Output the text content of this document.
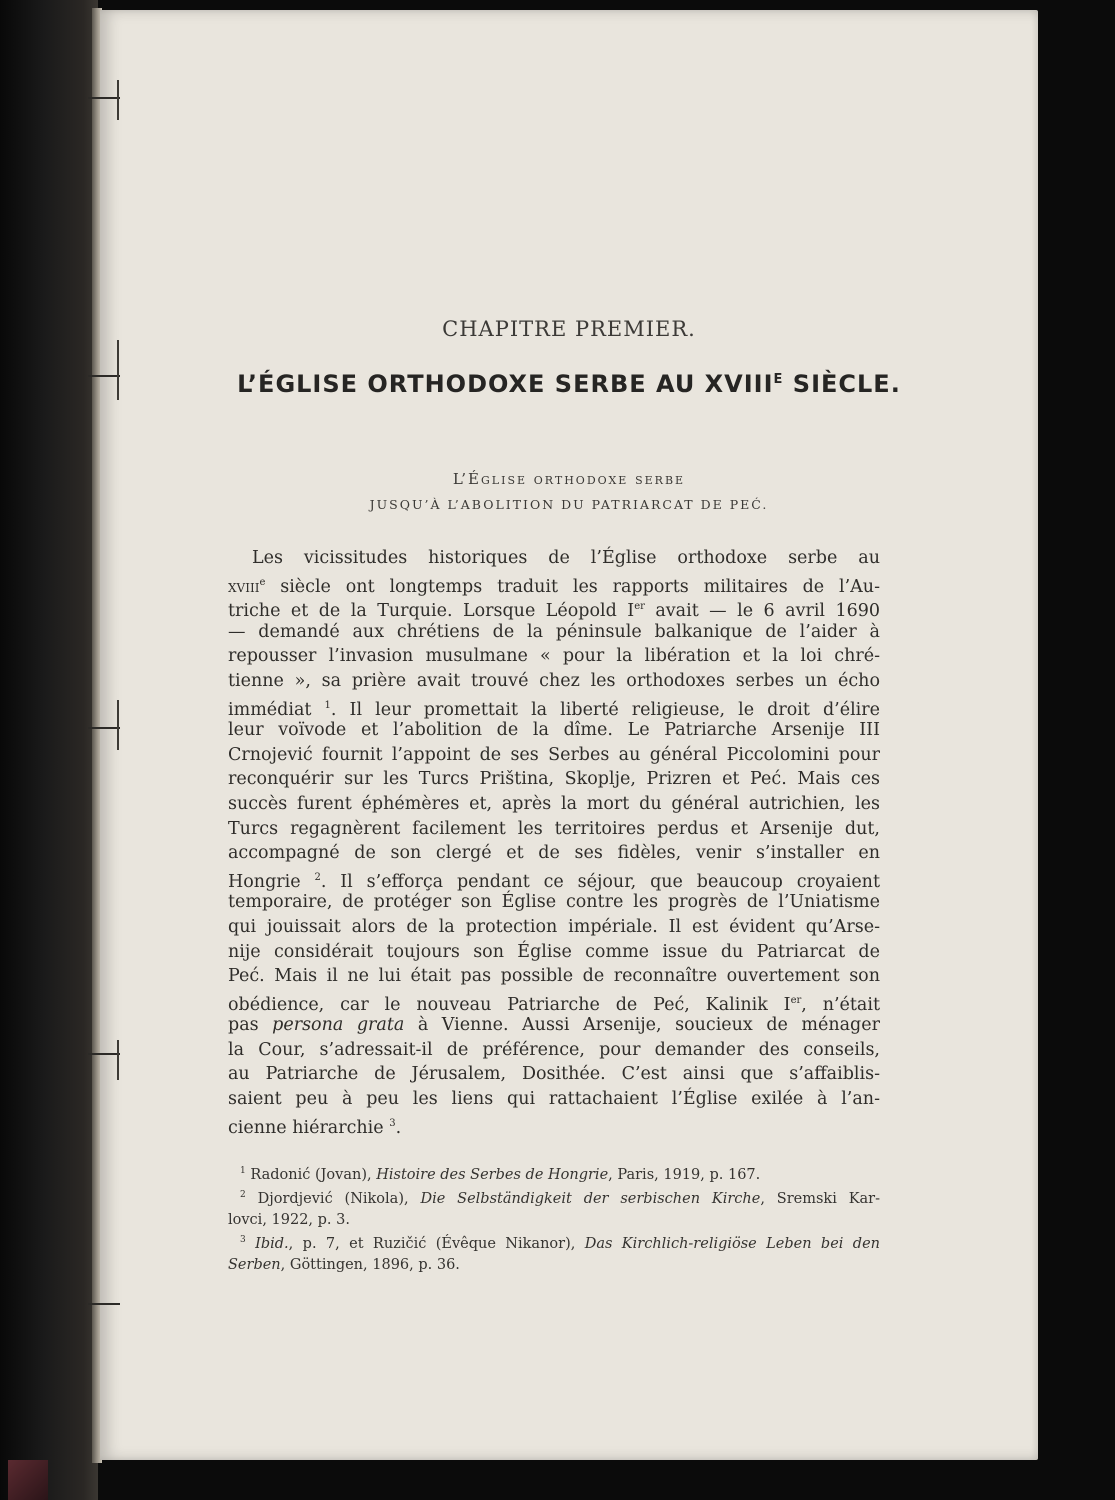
CHAPITRE PREMIER.
L’ÉGLISE ORTHODOXE SERBE AU $XVIII^E$ SIÈCLE.
L’Église orthodoxe serbe
JUSQU’À L’ABOLITION DU PATRIARCAT DE PEĆ.
Les vicissitudes historiques de l’Église orthodoxe serbe au
xviii$^e$ siècle ont longtemps traduit les rapports militaires de l’Au-
triche et de la Turquie. Lorsque Léopold Ier avait — le 6 avril 1690
— demandé aux chrétiens de la péninsule balkanique de l’aider à
repousser l’invasion musulmane « pour la libération et la loi chré-
tienne », sa prière avait trouvé chez les orthodoxes serbes un écho
immédiat $^1$. Il leur promettait la liberté religieuse, le droit d’élire
leur voïvode et l’abolition de la dîme. Le Patriarche Arsenije III
Crnojević fournit l’appoint de ses Serbes au général Piccolomini pour
reconquérir sur les Turcs Priština, Skoplje, Prizren et Peć. Mais ces
succès furent éphémères et, après la mort du général autrichien, les
Turcs regagnèrent facilement les territoires perdus et Arsenije dut,
accompagné de son clergé et de ses fidèles, venir s’installer en
Hongrie $^2$. Il s’efforça pendant ce séjour, que beaucoup croyaient
temporaire, de protéger son Église contre les progrès de l’Uniatisme
qui jouissait alors de la protection impériale. Il est évident qu’Arse-
nije considérait toujours son Église comme issue du Patriarcat de
Peć. Mais il ne lui était pas possible de reconnaître ouvertement son
obédience, car le nouveau Patriarche de Peć, Kalinik Ier, n’était
pas persona grata à Vienne. Aussi Arsenije, soucieux de ménager
la Cour, s’adressait-il de préférence, pour demander des conseils,
au Patriarche de Jérusalem, Dosithée. C’est ainsi que s’affaiblis-
saient peu à peu les liens qui rattachaient l’Église exilée à l’an-
cienne hiérarchie $^3$.
$^1$ Radonić (Jovan), Histoire des Serbes de Hongrie, Paris, 1919, p. 167.
$^2$ Djordjević (Nikola), Die Selbständigkeit der serbischen Kirche, Sremski Kar-
lovci, 1922, p. 3.
$^3$ Ibid., p. 7, et Ruzičić (Évêque Nikanor), Das Kirchlich-religiöse Leben bei den
Serben, Göttingen, 1896, p. 36.
